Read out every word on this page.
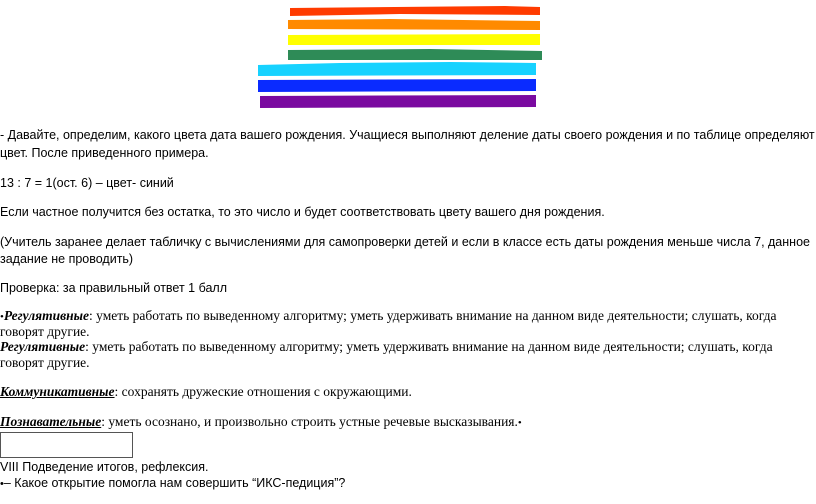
- Давайте, определим, какого цвета дата вашего рождения. Учащиеся выполняют деление даты своего рождения и по таблице определяют
цвет. После приведенного примера.
13 : 7 = 1(ост. 6) – цвет- синий
Если частное получится без остатка, то это число и будет соответствовать цвету вашего дня рождения.
(Учитель заранее делает табличку с вычислениями для самопроверки детей и если в классе есть даты рождения меньше числа 7, данное
задание не проводить)
Проверка: за правильный ответ 1 балл
•Регулятивные: уметь работать по выведенному алгоритму; уметь удерживать внимание на данном виде деятельности; слушать, когда
говорят другие.
Регулятивные: уметь работать по выведенному алгоритму; уметь удерживать внимание на данном виде деятельности; слушать, когда
говорят другие.
Коммуникативные: сохранять дружеские отношения с окружающими.
Познавательные: уметь осознано, и произвольно строить устные речевые высказывания.•
VIII Подведение итогов, рефлексия.
•– Какое открытие помогла нам совершить “ИКС-педиция”?
